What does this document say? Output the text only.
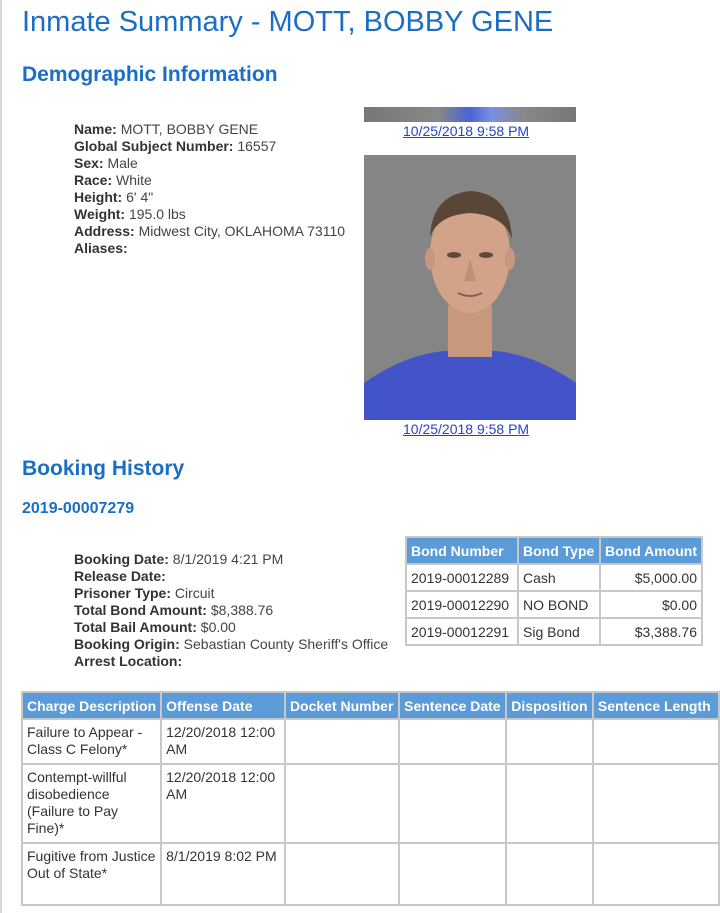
Inmate Summary - MOTT, BOBBY GENE
Demographic Information
Name: MOTT, BOBBY GENE
Global Subject Number: 16557
Sex: Male
Race: White
Height: 6' 4"
Weight: 195.0 lbs
Address: Midwest City, OKLAHOMA 73110
Aliases:
10/25/2018 9:58 PM
10/25/2018 9:58 PM
Booking History
2019-00007279
Booking Date: 8/1/2019 4:21 PM
Release Date:
Prisoner Type: Circuit
Total Bond Amount: $8,388.76
Total Bail Amount: $0.00
Booking Origin: Sebastian County Sheriff's Office
Arrest Location:
Bond Number	Bond Type	Bond Amount
2019-00012289	Cash	$5,000.00
2019-00012290	NO BOND	$0.00
2019-00012291	Sig Bond	$3,388.76
Charge Description	Offense Date	Docket Number	Sentence Date	Disposition	Sentence Length
Failure to Appear - Class C Felony*	12/20/2018 12:00 AM				
Contempt-willful disobedience (Failure to Pay Fine)*	12/20/2018 12:00 AM				
Fugitive from Justice Out of State*	8/1/2019 8:02 PM				
